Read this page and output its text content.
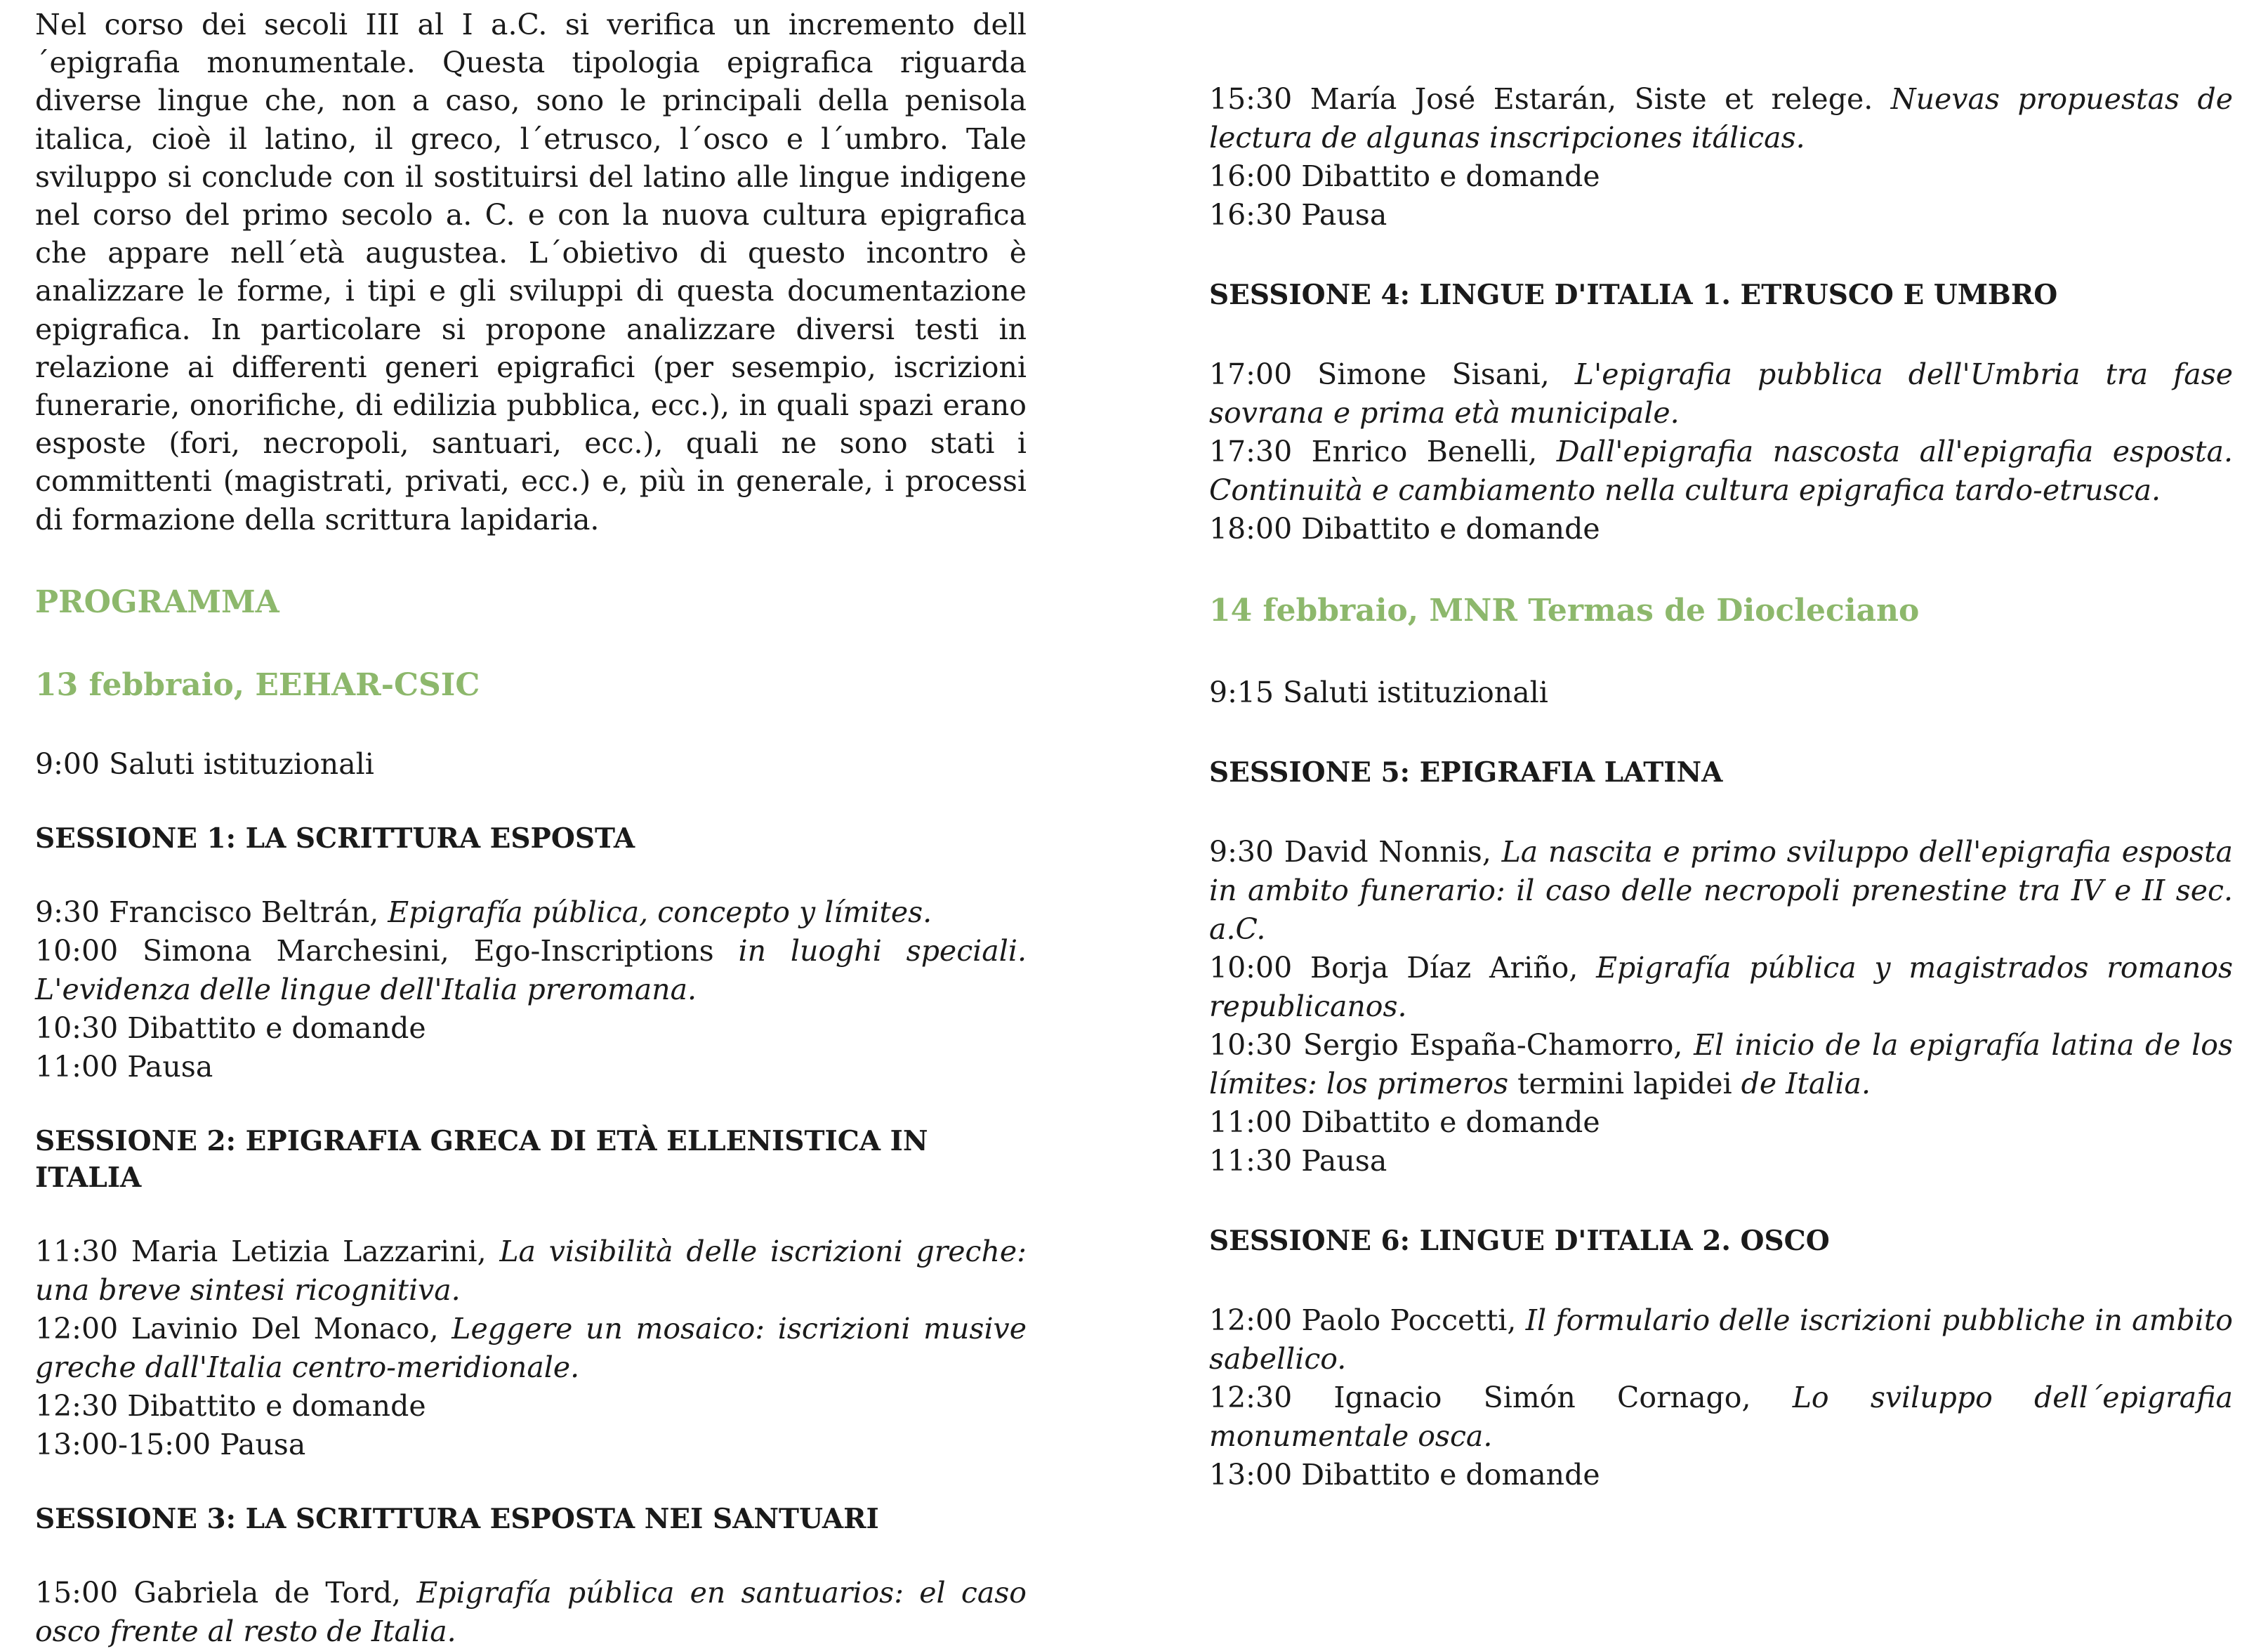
Nel corso dei secoli III al I a.C. si verifica un incremento dell´epigrafia monumentale. Questa tipologia epigrafica riguarda diverse lingue che, non a caso, sono le principali della penisola italica, cioè il latino, il greco, l´etrusco, l´osco e l´umbro. Tale sviluppo si conclude con il sostituirsi del latino alle lingue indigene nel corso del primo secolo a. C. e con la nuova cultura epigrafica che appare nell´età augustea. L´obietivo di questo incontro è analizzare le forme, i tipi e gli sviluppi di questa documentazione epigrafica. In particolare si propone analizzare diversi testi in relazione ai differenti generi epigrafici (per sesempio, iscrizioni funerarie, onorifiche, di edilizia pubblica, ecc.), in quali spazi erano esposte (fori, necropoli, santuari, ecc.), quali ne sono stati i committenti (magistrati, privati, ecc.) e, più in generale, i processi di formazione della scrittura lapidaria.
PROGRAMMA
13 febbraio, EEHAR-CSIC
9:00 Saluti istituzionali
SESSIONE 1: LA SCRITTURA ESPOSTA
9:30 Francisco Beltrán, Epigrafía pública, concepto y límites.
10:00 Simona Marchesini, Ego-Inscriptions in luoghi speciali. L'evidenza delle lingue dell'Italia preromana.
10:30 Dibattito e domande
11:00 Pausa
SESSIONE 2: EPIGRAFIA GRECA DI ETÀ ELLENISTICA IN ITALIA
11:30 Maria Letizia Lazzarini, La visibilità delle iscrizioni greche: una breve sintesi ricognitiva.
12:00 Lavinio Del Monaco, Leggere un mosaico: iscrizioni musive greche dall'Italia centro-meridionale.
12:30 Dibattito e domande
13:00-15:00 Pausa
SESSIONE 3: LA SCRITTURA ESPOSTA NEI SANTUARI
15:00 Gabriela de Tord, Epigrafía pública en santuarios: el caso osco frente al resto de Italia.
15:30 María José Estarán, Siste et relege. Nuevas propuestas de lectura de algunas inscripciones itálicas.
16:00 Dibattito e domande
16:30 Pausa
SESSIONE 4: LINGUE D'ITALIA 1. ETRUSCO E UMBRO
17:00 Simone Sisani, L'epigrafia pubblica dell'Umbria tra fase sovrana e prima età municipale.
17:30 Enrico Benelli, Dall'epigrafia nascosta all'epigrafia esposta. Continuità e cambiamento nella cultura epigrafica tardo-etrusca.
18:00 Dibattito e domande
14 febbraio, MNR Termas de Diocleciano
9:15 Saluti istituzionali
SESSIONE 5: EPIGRAFIA LATINA
9:30 David Nonnis, La nascita e primo sviluppo dell'epigrafia esposta in ambito funerario: il caso delle necropoli prenestine tra IV e II sec. a.C.
10:00 Borja Díaz Ariño, Epigrafía pública y magistrados romanos republicanos.
10:30 Sergio España-Chamorro, El inicio de la epigrafía latina de los límites: los primeros termini lapidei de Italia.
11:00 Dibattito e domande
11:30 Pausa
SESSIONE 6: LINGUE D'ITALIA 2. OSCO
12:00 Paolo Poccetti, Il formulario delle iscrizioni pubbliche in ambito sabellico.
12:30 Ignacio Simón Cornago, Lo sviluppo dell´epigrafia monumentale osca.
13:00 Dibattito e domande
